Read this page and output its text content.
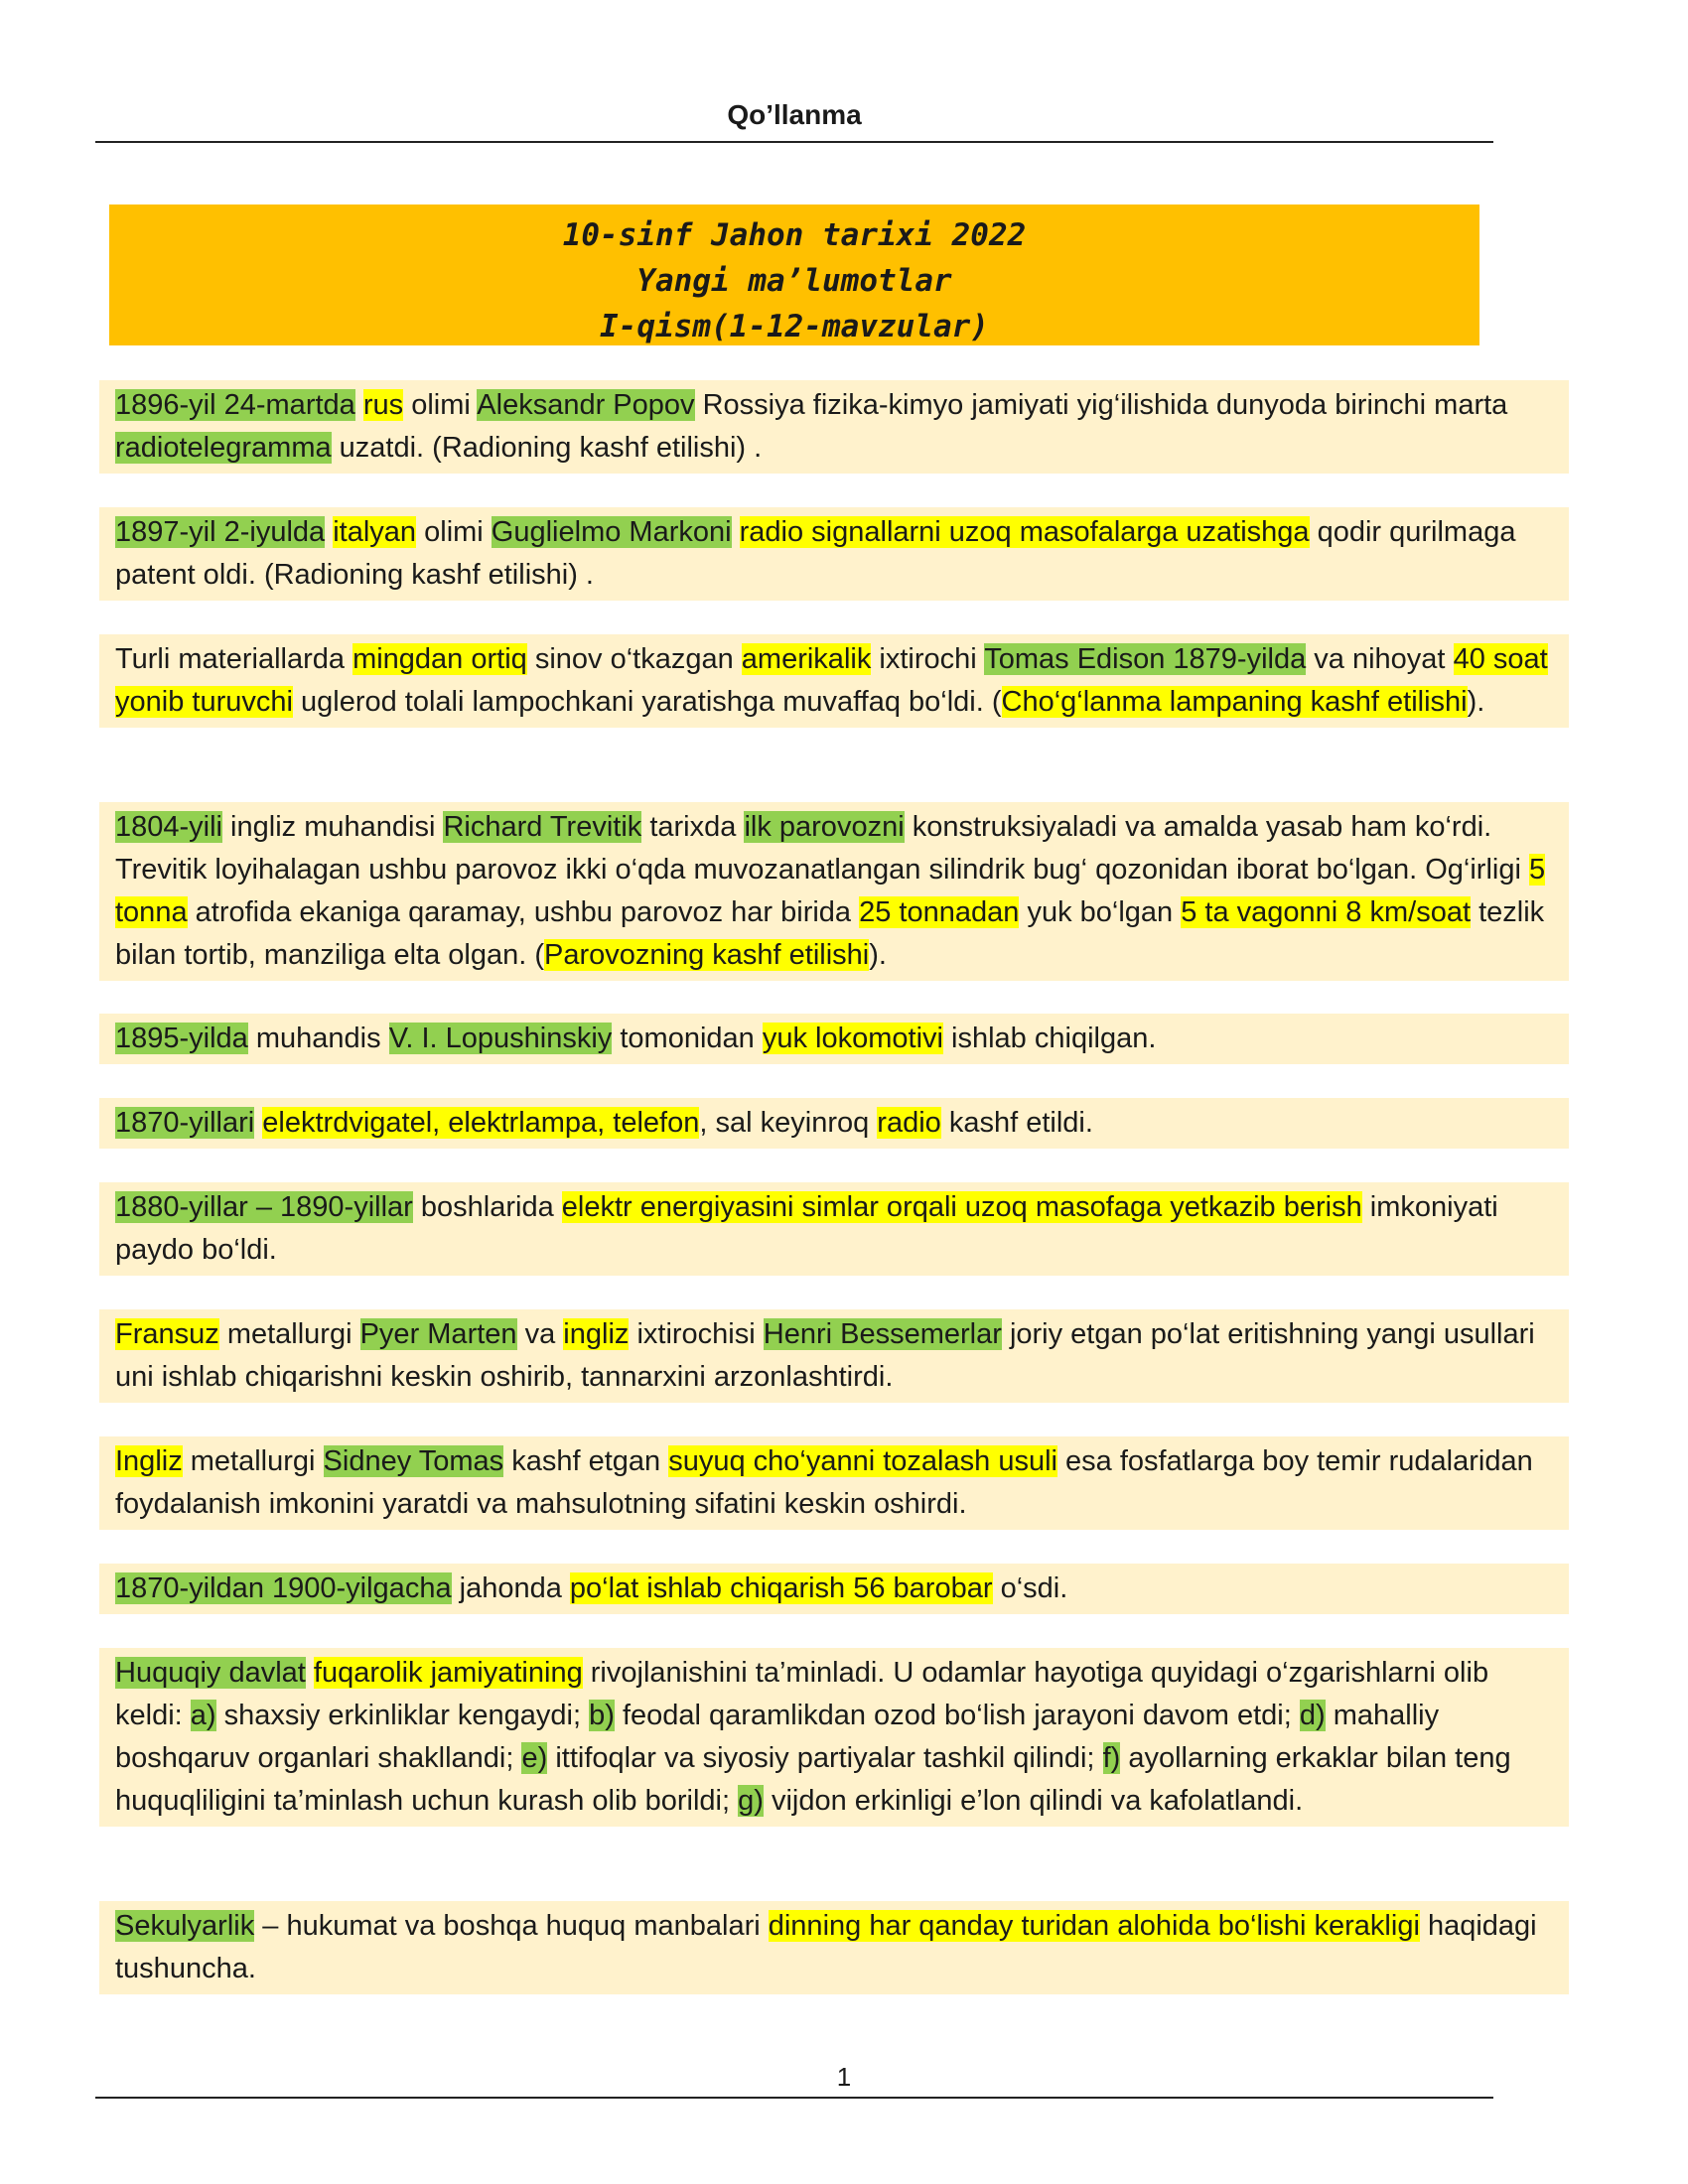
Qo’llanma
10-sinf Jahon tarixi 2022
Yangi ma’lumotlar
I-qism(1-12-mavzular)
1896-yil 24-martda rus olimi Aleksandr Popov Rossiya fizika-kimyo jamiyati yig‘ilishida dunyoda birinchi marta radiotelegramma uzatdi. (Radioning kashf etilishi) .
1897-yil 2-iyulda italyan olimi Guglielmo Markoni radio signallarni uzoq masofalarga uzatishga qodir qurilmaga patent oldi. (Radioning kashf etilishi) .
Turli materiallarda mingdan ortiq sinov o‘tkazgan amerikalik ixtirochi Tomas Edison 1879-yilda va nihoyat 40 soat yonib turuvchi uglerod tolali lampochkani yaratishga muvaffaq bo‘ldi. (Cho‘g‘lanma lampaning kashf etilishi).
1804-yili ingliz muhandisi Richard Trevitik tarixda ilk parovozni konstruksiyaladi va amalda yasab ham ko‘rdi. Trevitik loyihalagan ushbu parovoz ikki o‘qda muvozanatlangan silindrik bug‘ qozonidan iborat bo‘lgan. Og‘irligi 5 tonna atrofida ekaniga qaramay, ushbu parovoz har birida 25 tonnadan yuk bo‘lgan 5 ta vagonni 8 km/soat tezlik bilan tortib, manziliga elta olgan. (Parovozning kashf etilishi).
1895-yilda muhandis V. I. Lopushinskiy tomonidan yuk lokomotivi ishlab chiqilgan.
1870-yillari elektrdvigatel, elektrlampa, telefon, sal keyinroq radio kashf etildi.
1880-yillar – 1890-yillar boshlarida elektr energiyasini simlar orqali uzoq masofaga yetkazib berish imkoniyati paydo bo‘ldi.
Fransuz metallurgi Pyer Marten va ingliz ixtirochisi Henri Bessemerlar joriy etgan po‘lat eritishning yangi usullari uni ishlab chiqarishni keskin oshirib, tannarxini arzonlashtirdi.
Ingliz metallurgi Sidney Tomas kashf etgan suyuq cho‘yanni tozalash usuli esa fosfatlarga boy temir rudalaridan foydalanish imkonini yaratdi va mahsulotning sifatini keskin oshirdi.
1870-yildan 1900-yilgacha jahonda po‘lat ishlab chiqarish 56 barobar o‘sdi.
Huquqiy davlat fuqarolik jamiyatining rivojlanishini ta’minladi. U odamlar hayotiga quyidagi o‘zgarishlarni olib keldi: a) shaxsiy erkinliklar kengaydi; b) feodal qaramlikdan ozod bo‘lish jarayoni davom etdi; d) mahalliy boshqaruv organlari shakllandi; e) ittifoqlar va siyosiy partiyalar tashkil qilindi; f) ayollarning erkaklar bilan teng huquqliligini ta’minlash uchun kurash olib borildi; g) vijdon erkinligi e’lon qilindi va kafolatlandi.
Sekulyarlik – hukumat va boshqa huquq manbalari dinning har qanday turidan alohida bo‘lishi kerakligi haqidagi tushuncha.
1
